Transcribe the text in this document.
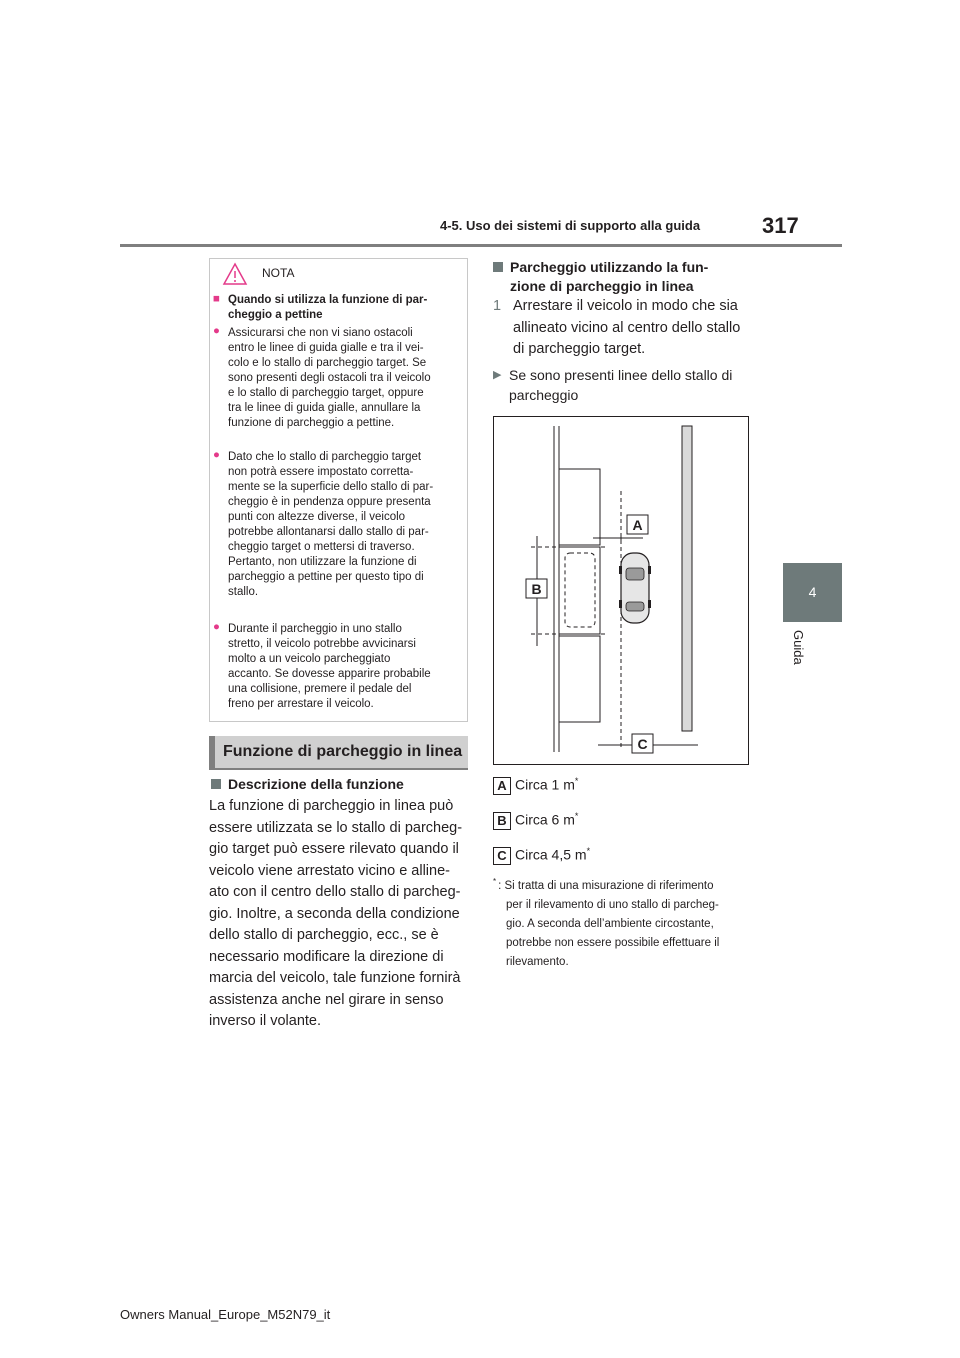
4-5. Uso dei sistemi di supporto alla guida	317
4
Guida
NOTA
■ Quando si utilizza la funzione di par-
cheggio a pettine
● Assicurarsi che non vi siano ostacoli
entro le linee di guida gialle e tra il vei-
colo e lo stallo di parcheggio target. Se
sono presenti degli ostacoli tra il veicolo
e lo stallo di parcheggio target, oppure
tra le linee di guida gialle, annullare la
funzione di parcheggio a pettine.
● Dato che lo stallo di parcheggio target
non potrà essere impostato corretta-
mente se la superficie dello stallo di par-
cheggio è in pendenza oppure presenta
punti con altezze diverse, il veicolo
potrebbe allontanarsi dallo stallo di par-
cheggio target o mettersi di traverso.
Pertanto, non utilizzare la funzione di
parcheggio a pettine per questo tipo di
stallo.
● Durante il parcheggio in uno stallo
stretto, il veicolo potrebbe avvicinarsi
molto a un veicolo parcheggiato
accanto. Se dovesse apparire probabile
una collisione, premere il pedale del
freno per arrestare il veicolo.
Funzione di parcheggio in linea
Descrizione della funzione
La funzione di parcheggio in linea può
essere utilizzata se lo stallo di parcheg-
gio target può essere rilevato quando il
veicolo viene arrestato vicino e alline-
ato con il centro dello stallo di parcheg-
gio. Inoltre, a seconda della condizione
dello stallo di parcheggio, ecc., se è
necessario modificare la direzione di
marcia del veicolo, tale funzione fornirà
assistenza anche nel girare in senso
inverso il volante.
Parcheggio utilizzando la fun-
zione di parcheggio in linea
1 Arrestare il veicolo in modo che sia
allineato vicino al centro dello stallo
di parcheggio target.
▶ Se sono presenti linee dello stallo di
parcheggio
A
B
C
A Circa 1 m*
B Circa 6 m*
C Circa 4,5 m*
* : Si tratta di una misurazione di riferimento
per il rilevamento di uno stallo di parcheg-
gio. A seconda dell’ambiente circostante,
potrebbe non essere possibile effettuare il
rilevamento.
Owners Manual_Europe_M52N79_it
